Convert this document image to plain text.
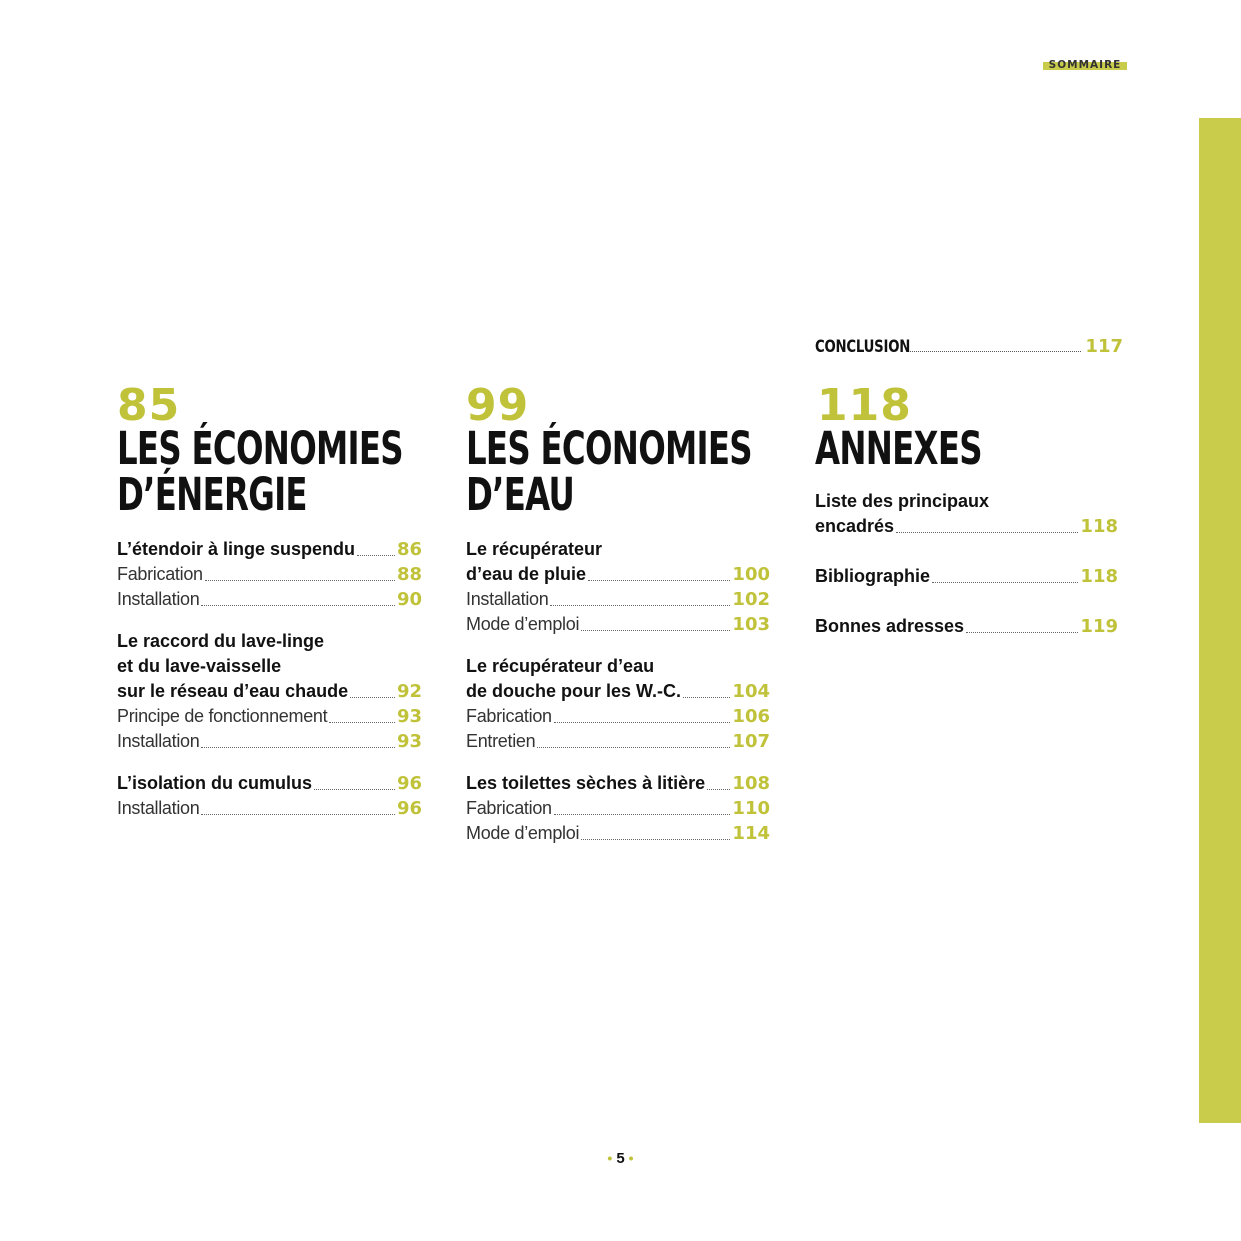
SOMMAIRE
CONCLUSION	117
85
LES ÉCONOMIES
D’ÉNERGIE
L’étendoir à linge suspendu 86
Fabrication	88
Installation	90
Le raccord du lave-linge
et du lave-vaisselle
sur le réseau d’eau chaude	92
Principe de fonctionnement	93
Installation	93
L’isolation du cumulus	96
Installation	96
99
LES ÉCONOMIES
D’EAU
Le récupérateur
d’eau de pluie	100
Installation	102
Mode d’emploi	103
Le récupérateur d’eau
de douche pour les W.-C.	104
Fabrication	106
Entretien	107
Les toilettes sèches à litière 108
Fabrication	110
Mode d’emploi	114
118
ANNEXES
Liste des principaux
encadrés	118
Bibliographie	118
Bonnes adresses	119
• 5 •
